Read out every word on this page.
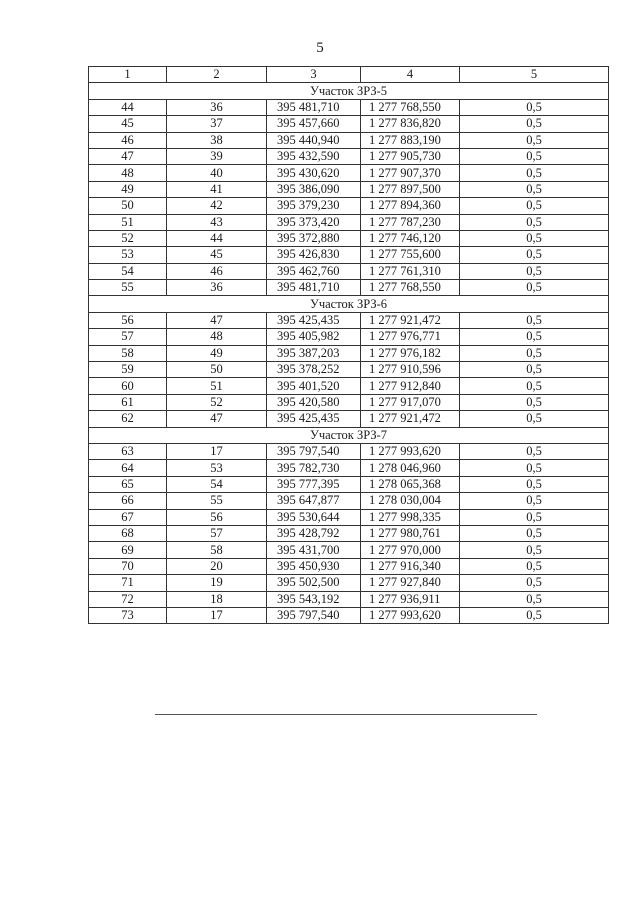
5
1	2	3	4	5
Участок ЗРЗ-5				
44	36	395 481,710	1 277 768,550	0,5
45	37	395 457,660	1 277 836,820	0,5
46	38	395 440,940	1 277 883,190	0,5
47	39	395 432,590	1 277 905,730	0,5
48	40	395 430,620	1 277 907,370	0,5
49	41	395 386,090	1 277 897,500	0,5
50	42	395 379,230	1 277 894,360	0,5
51	43	395 373,420	1 277 787,230	0,5
52	44	395 372,880	1 277 746,120	0,5
53	45	395 426,830	1 277 755,600	0,5
54	46	395 462,760	1 277 761,310	0,5
55	36	395 481,710	1 277 768,550	0,5
Участок ЗРЗ-6				
56	47	395 425,435	1 277 921,472	0,5
57	48	395 405,982	1 277 976,771	0,5
58	49	395 387,203	1 277 976,182	0,5
59	50	395 378,252	1 277 910,596	0,5
60	51	395 401,520	1 277 912,840	0,5
61	52	395 420,580	1 277 917,070	0,5
62	47	395 425,435	1 277 921,472	0,5
Участок ЗРЗ-7				
63	17	395 797,540	1 277 993,620	0,5
64	53	395 782,730	1 278 046,960	0,5
65	54	395 777,395	1 278 065,368	0,5
66	55	395 647,877	1 278 030,004	0,5
67	56	395 530,644	1 277 998,335	0,5
68	57	395 428,792	1 277 980,761	0,5
69	58	395 431,700	1 277 970,000	0,5
70	20	395 450,930	1 277 916,340	0,5
71	19	395 502,500	1 277 927,840	0,5
72	18	395 543,192	1 277 936,911	0,5
73	17	395 797,540	1 277 993,620	0,5
